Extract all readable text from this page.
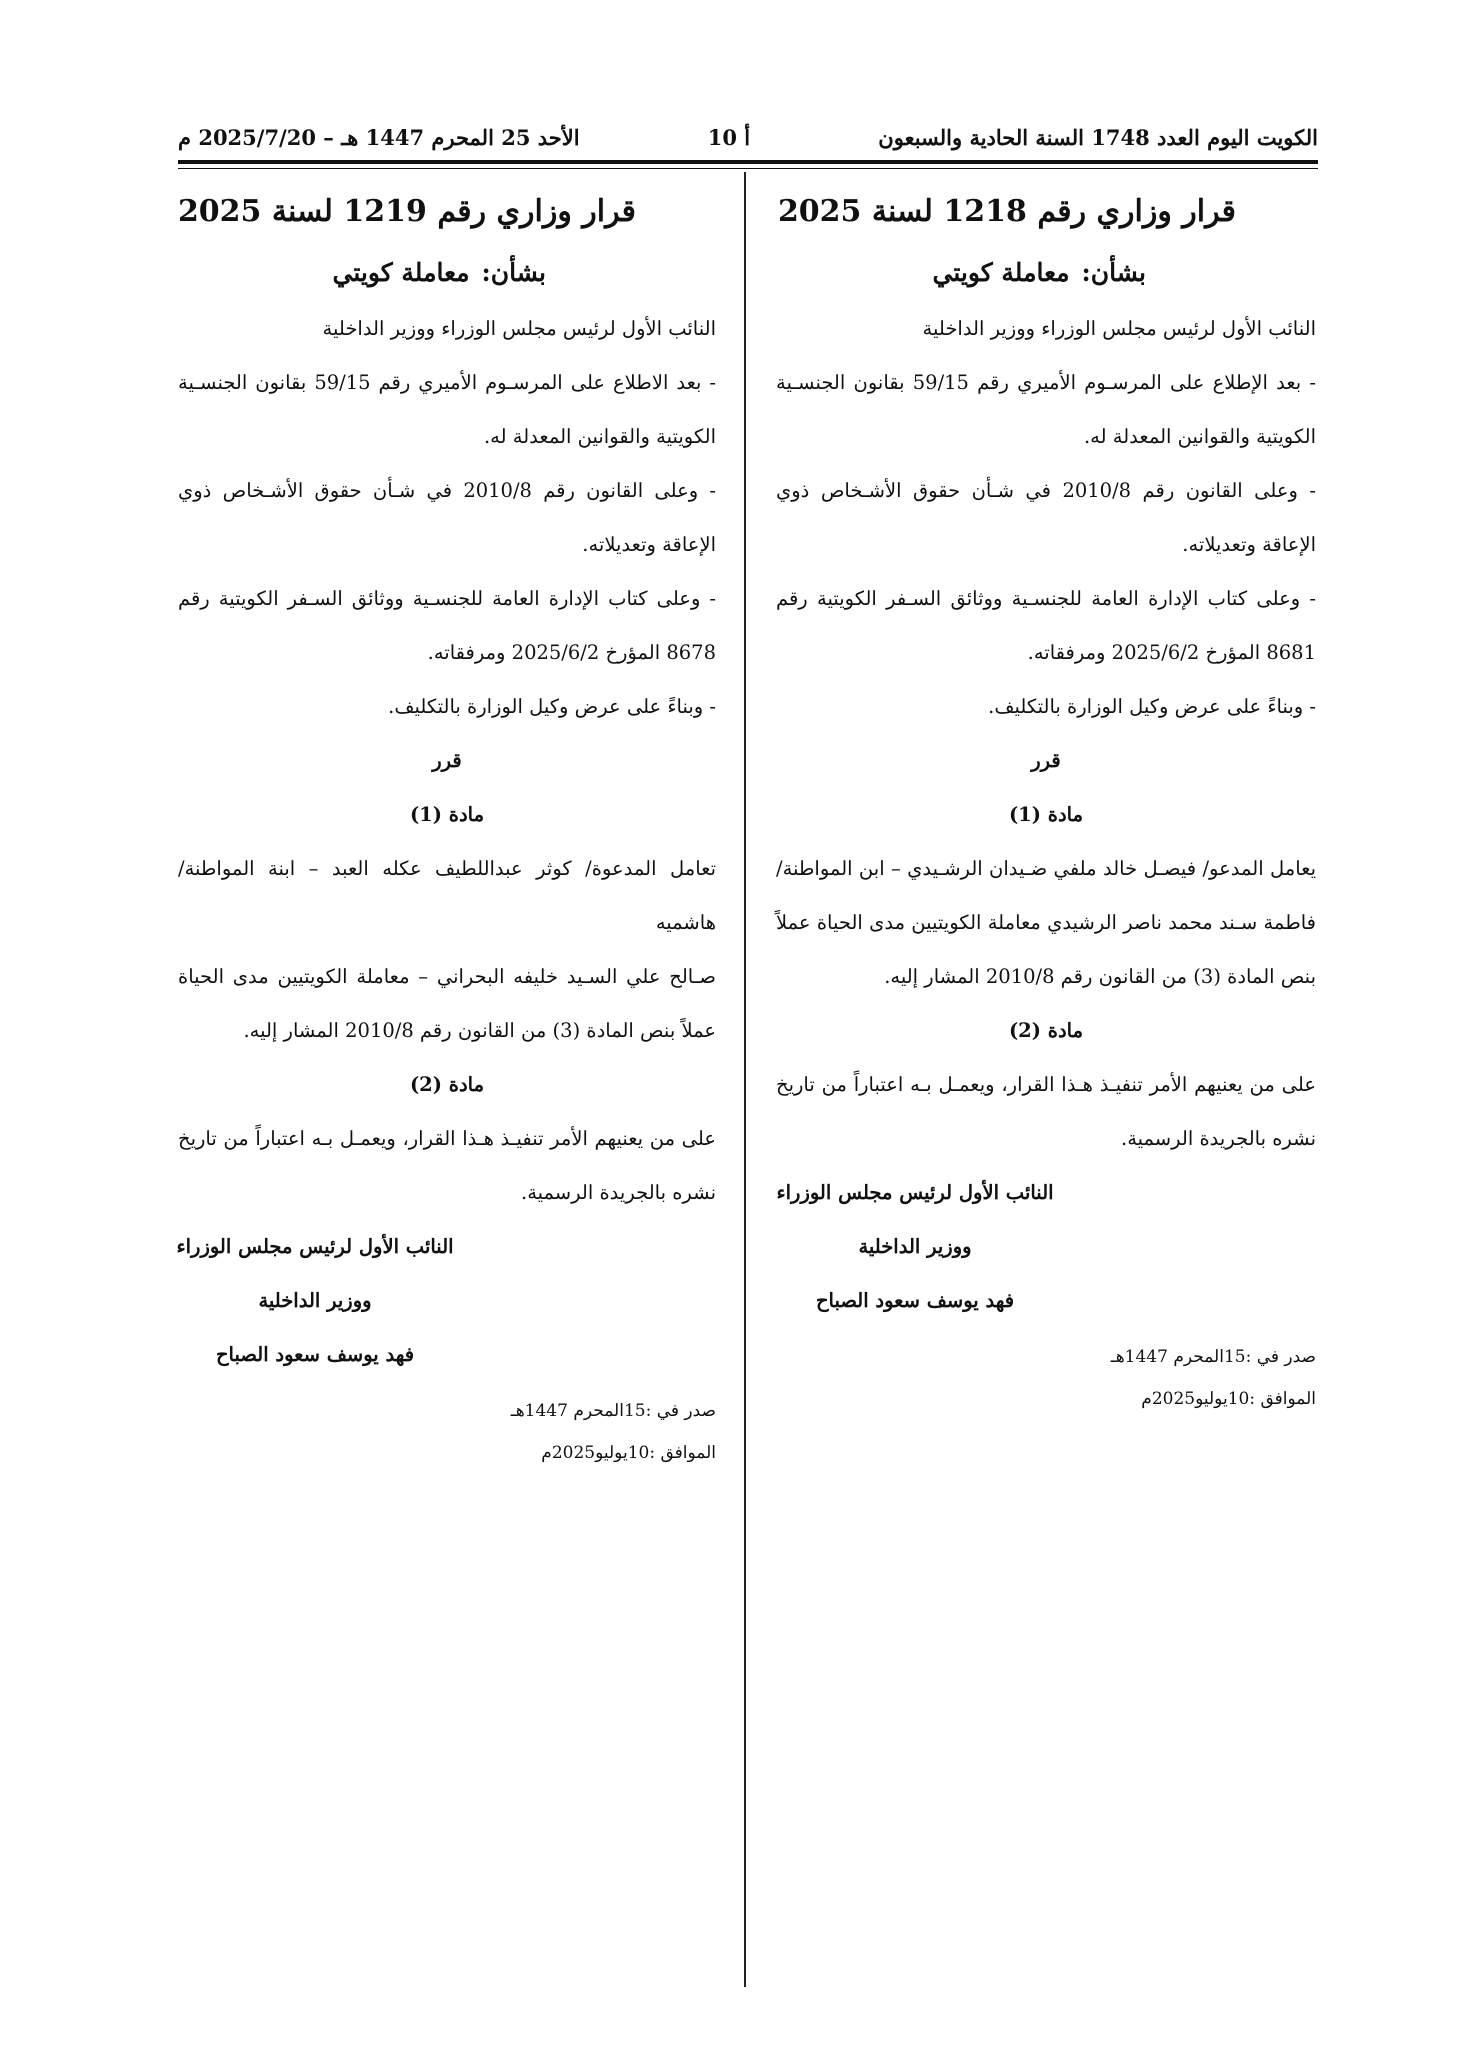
الأحد 25 المحرم 1447 هـ – 2025/7/20 م	أ 10	الكويت اليوم العدد 1748 السنة الحادية والسبعون
قرار وزاري رقم 1218 لسنة 2025
بشأن:معاملة كويتي

النائب الأول لرئيس مجلس الوزراء ووزير الداخلية

- بعد الإطلاع على المرسـوم الأميري رقم 59/15 بقانون الجنسـية

الكويتية والقوانين المعدلة له.

- وعلى القانون رقم 2010/8 في شـأن حقوق الأشـخاص ذوي

الإعاقة وتعديلاته.

- وعلى كتاب الإدارة العامة للجنسـية ووثائق السـفر الكويتية رقم

8681 المؤرخ 2025/6/2 ومرفقاته.

- وبناءً على عرض وكيل الوزارة بالتكليف.

قرر

مادة (1)

يعامل المدعو/ فيصـل خالد ملفي ضـيدان الرشـيدي – ابن المواطنة/

فاطمة سـند محمد ناصر الرشيدي معاملة الكويتيين مدى الحياة عملاً

بنص المادة (3) من القانون رقم 2010/8 المشار إليه.

مادة (2)

على من يعنيهم الأمر تنفيـذ هـذا القرار، ويعمـل بـه اعتباراً من تاريخ

نشره بالجريدة الرسمية.

النائب الأول لرئيس مجلس الوزراء

ووزير الداخلية

فهد يوسف سعود الصباح

صدر في :15المحرم 1447هـ

الموافق :10يوليو2025م

قرار وزاري رقم 1219 لسنة 2025
بشأن:معاملة كويتي

النائب الأول لرئيس مجلس الوزراء ووزير الداخلية

- بعد الاطلاع على المرسـوم الأميري رقم 59/15 بقانون الجنسـية

الكويتية والقوانين المعدلة له.

- وعلى القانون رقم 2010/8 في شـأن حقوق الأشـخاص ذوي

الإعاقة وتعديلاته.

- وعلى كتاب الإدارة العامة للجنسـية ووثائق السـفر الكويتية رقم

8678 المؤرخ 2025/6/2 ومرفقاته.

- وبناءً على عرض وكيل الوزارة بالتكليف.

قرر

مادة (1)

تعامل المدعوة/ كوثر عبداللطيف عكله العبد – ابنة المواطنة/ هاشميه

صـالح علي السـيد خليفه البحراني – معاملة الكويتيين مدى الحياة

عملاً بنص المادة (3) من القانون رقم 2010/8 المشار إليه.

مادة (2)

على من يعنيهم الأمر تنفيـذ هـذا القرار، ويعمـل بـه اعتباراً من تاريخ

نشره بالجريدة الرسمية.

النائب الأول لرئيس مجلس الوزراء

ووزير الداخلية

فهد يوسف سعود الصباح

صدر في :15المحرم 1447هـ

الموافق :10يوليو2025م
